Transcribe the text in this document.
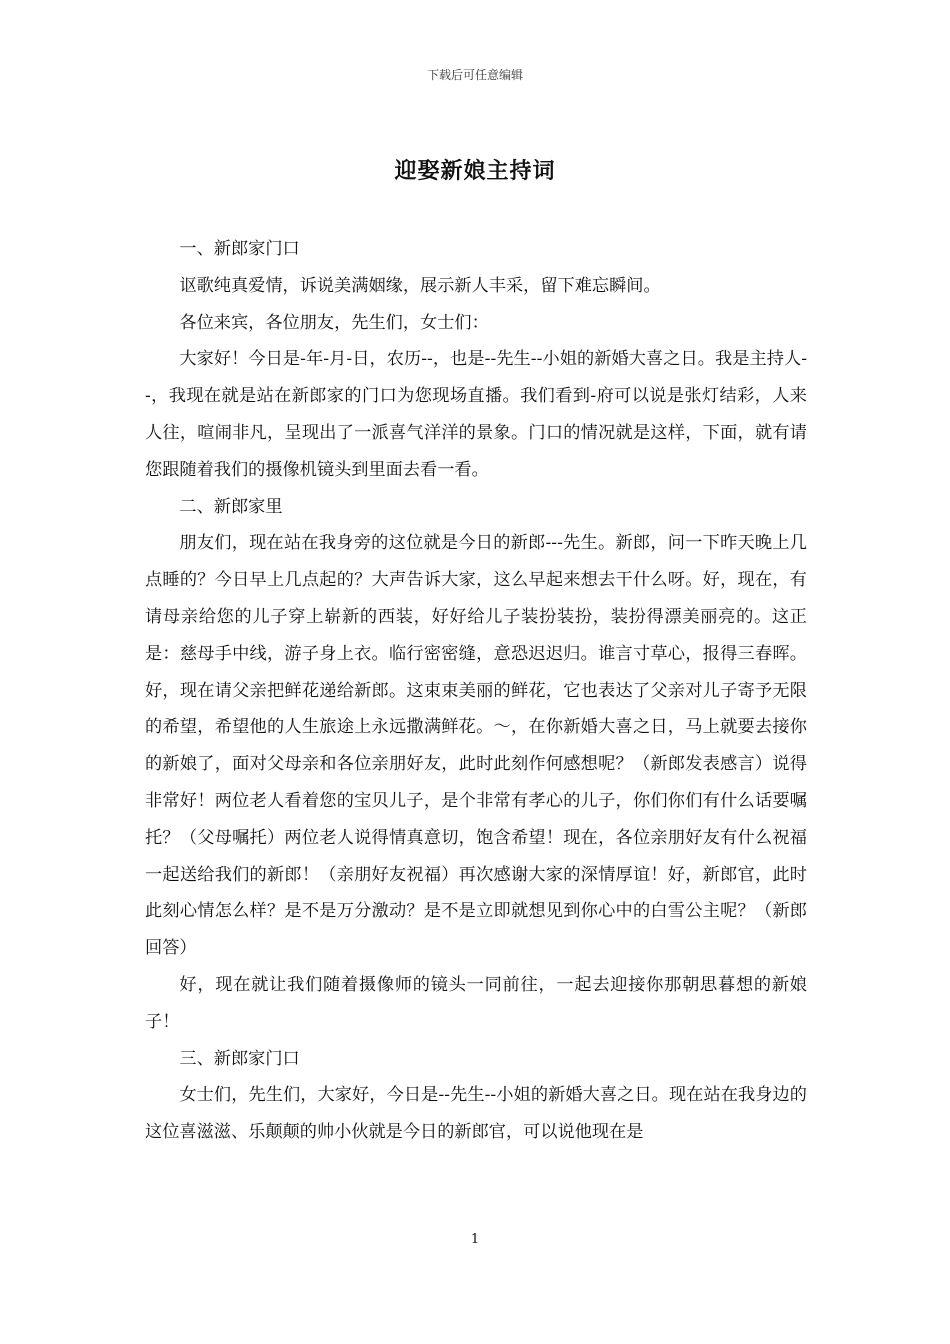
下载后可任意编辑
迎娶新娘主持词

一、新郎家门口

讴歌纯真爱情，诉说美满姻缘，展示新人丰采，留下难忘瞬间。

各位来宾，各位朋友，先生们，女士们：

大家好！今日是-年-月-日，农历--，也是--先生--小姐的新婚大喜之日。我是主持人--，我现在就是站在新郎家的门口为您现场直播。我们看到-府可以说是张灯结彩，人来人往，喧闹非凡，呈现出了一派喜气洋洋的景象。门口的情况就是这样，下面，就有请您跟随着我们的摄像机镜头到里面去看一看。

二、新郎家里

朋友们，现在站在我身旁的这位就是今日的新郎---先生。新郎，问一下昨天晚上几点睡的？今日早上几点起的？大声告诉大家，这么早起来想去干什么呀。好，现在，有请母亲给您的儿子穿上崭新的西装，好好给儿子装扮装扮，装扮得漂美丽亮的。这正是：慈母手中线，游子身上衣。临行密密缝，意恐迟迟归。谁言寸草心，报得三春晖。好，现在请父亲把鲜花递给新郎。这束束美丽的鲜花，它也表达了父亲对儿子寄予无限的希望，希望他的人生旅途上永远撒满鲜花。～，在你新婚大喜之日，马上就要去接你的新娘了，面对父母亲和各位亲朋好友，此时此刻作何感想呢？（新郎发表感言）说得非常好！两位老人看着您的宝贝儿子，是个非常有孝心的儿子，你们你们有什么话要嘱托？（父母嘱托）两位老人说得情真意切，饱含希望！现在，各位亲朋好友有什么祝福一起送给我们的新郎！（亲朋好友祝福）再次感谢大家的深情厚谊！好，新郎官，此时此刻心情怎么样？是不是万分激动？是不是立即就想见到你心中的白雪公主呢？（新郎回答）

好，现在就让我们随着摄像师的镜头一同前往，一起去迎接你那朝思暮想的新娘子！

三、新郎家门口

女士们，先生们，大家好，今日是--先生--小姐的新婚大喜之日。现在站在我身边的这位喜滋滋、乐颠颠的帅小伙就是今日的新郎官，可以说他现在是

1
